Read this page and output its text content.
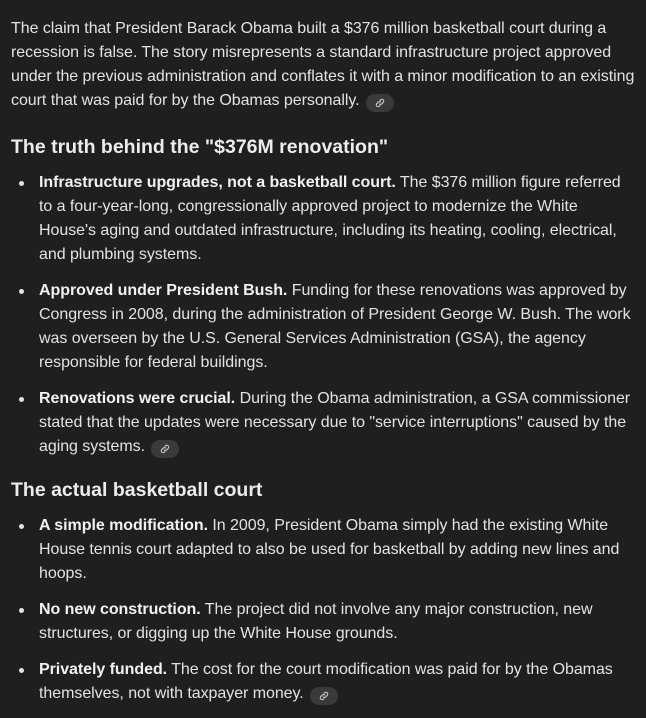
The claim that President Barack Obama built a $376 million basketball court during a recession is false. The story misrepresents a standard infrastructure project approved under the previous administration and conflates it with a minor modification to an existing court that was paid for by the Obamas personally.

The truth behind the "$376M renovation"
Infrastructure upgrades, not a basketball court. The $376 million figure referred to a four-year-long, congressionally approved project to modernize the White House's aging and outdated infrastructure, including its heating, cooling, electrical, and plumbing systems.
Approved under President Bush. Funding for these renovations was approved by Congress in 2008, during the administration of President George W. Bush. The work was overseen by the U.S. General Services Administration (GSA), the agency responsible for federal buildings.
Renovations were crucial. During the Obama administration, a GSA commissioner stated that the updates were necessary due to "service interruptions" caused by the aging systems.
The actual basketball court
A simple modification. In 2009, President Obama simply had the existing White House tennis court adapted to also be used for basketball by adding new lines and hoops.
No new construction. The project did not involve any major construction, new structures, or digging up the White House grounds.
Privately funded. The cost for the court modification was paid for by the Obamas themselves, not with taxpayer money.
